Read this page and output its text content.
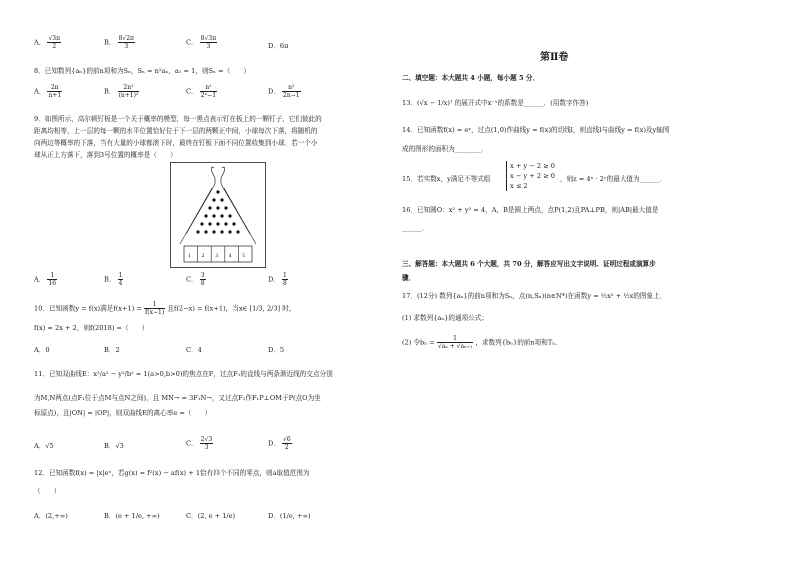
A． $\frac{√3\pi}{2}$	B． $\frac{8√2\pi}{3}$	C． $\frac{8√3\pi}{3}$	D．6π
8．已知数列{aₙ}的前n项和为Sₙ，Sₙ = n²aₙ，a₁ = 1，则Sₙ =（　　）
A． $\frac{2n}{n+1}$	B． $\frac{\text{2n²}}{\text{(n+1)²}}$	C． $\frac{\text{n²}}{\text{2ⁿ−1}}$	D． $\frac{\text{n²}}{2n-1}$
9．如图所示，高尔顿钉板是一个关于概率的模型，每一黑点表示钉在板上的一颗钉子，它们彼此的
距离均相等，上一层的每一颗的水平位置恰好位于下一层的两颗正中间，小球每次下落，将随机的
向两边等概率的下落，当有大量的小球都滚下时，最终在钉板下面不同位置收集到小球．若一个小
球从正上方落下，落到3号位置的概率是（　　）
1 2 3 4 5
A． $\frac{1}{16}$	B． $\frac{1}{4}$	C． $\frac{3}{8}$	D． $\frac{1}{8}$
10．已知函数y = f(x)满足$f(x+1) = \frac{1}{f(x-1)}$ 且f(2−x) = f(x+1)，当x∈ [1/3, 2/3] 时，
f(x) = 2x + 2，则f(2018) =（　　）
A．0	B．2	C．4	D．5
11．已知双曲线E：x²/a² − y²/b² = 1(a>0,b>0)的焦点在F，过点F₁的直线与两条渐近线的交点分别
为M,N两点(点F₁位于点M与点N之间)，且 MN→ = 3F₁N→，又过点F₁作F₁P⊥OM于P(点O为坐
标原点)，且|ON| = |OP|，则双曲线E的离心率e =（　　）
A．√5	B．√3	C． $\frac{2√3}{3}$	D． $\frac{√6}{2}$
12．已知函数f(x) = |x|eˣ，若g(x) = f²(x) − af(x) + 1恰有四个不同的零点，则a取值范围为
（　　）
A．(2,+∞)	B．(e + 1/e, +∞)	C．(2, e + 1/e)	D．(1/e, +∞)
第Ⅱ卷
二、填空题：本大题共 4 小题，每小题 5 分．
13．(√x − 1/x)⁷ 的展开式中x⁻¹的系数是______．(用数字作答)
14．已知函数f(x) = eˣ，过点(1,0)作曲线y = f(x)的切线l，则直线l与曲线y = f(x)及y轴围
成的图形的面积为________．
15．若实数x，y满足不等式组
x + y − 2 ≥ 0
x − y + 2 ≥ 0
x ≤ 2
，则z = 4ˣ · 2ʸ的最大值为______．
16．已知圆O：x² + y² = 4，A，B是圆上两点，点P(1,2)且PA⊥PB，则|AB|最大值是
______．
三、解答题：本大题共 6 个大题，共 70 分，解答应写出文字说明、证明过程或演算步
骤．
17．(12分) 数列{aₙ}的前n项和为Sₙ，点(n,Sₙ)(n∈N*)在函数y = ½x² + ½x的图象上．
(1) 求数列{aₙ}的通项公式；
(2) 令$b_n = \frac{1}{\text{√aₙ + √aₙ₊₁}}$ ，求数列{bₙ}的前n项和Tₙ．
